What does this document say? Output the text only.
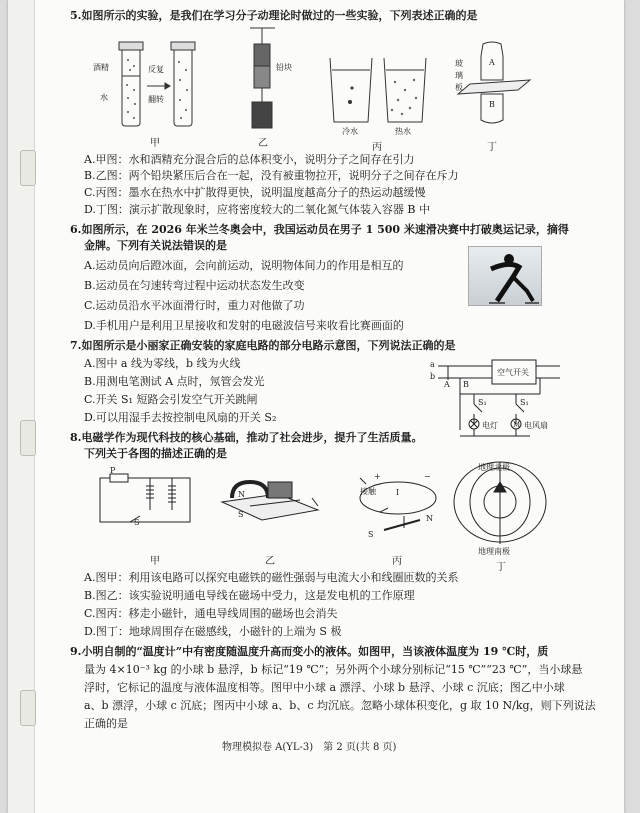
5.如图所示的实验，是我们在学习分子动理论时做过的一些实验，下列表述正确的是
酒精
水
反复
翻转
铅块
冷水	热水
玻
璃
板
A
B
甲	乙	丙	丁
A.甲图：水和酒精充分混合后的总体积变小，说明分子之间存在引力
B.乙图：两个铅块紧压后合在一起，没有被重物拉开，说明分子之间存在斥力
C.丙图：墨水在热水中扩散得更快，说明温度越高分子的热运动越缓慢
D.丁图：演示扩散现象时，应将密度较大的二氧化氮气体装入容器 B 中
6.如图所示，在 2026 年米兰冬奥会中，我国运动员在男子 1 500 米速滑决赛中打破奥运记录，摘得
金牌。下列有关说法错误的是
A.运动员向后蹬冰面，会向前运动，说明物体间力的作用是相互的
B.运动员在匀速转弯过程中运动状态发生改变
C.运动员沿水平冰面滑行时，重力对他做了功
D.手机用户是利用卫星接收和发射的电磁波信号来收看比赛画面的
7.如图所示是小丽家正确安装的家庭电路的部分电路示意图，下列说法正确的是
A.图中 a 线为零线，b 线为火线
B.用测电笔测试 A 点时，氖管会发光
C.开关 S₁ 短路会引发空气开关跳闸
D.可以用湿手去按控制电风扇的开关 S₂
M
a
b
A B
空气开关
S₁	S₁
电灯	电风扇
8.电磁学作为现代科技的核心基础，推动了社会进步，提升了生活质量。
下列关于各图的描述正确的是
P
S
N
S
+	−
接触	I
N
S
地理北极
地理南极
甲	乙	丙
丁
A.图甲：利用该电路可以探究电磁铁的磁性强弱与电流大小和线圈匝数的关系
B.图乙：该实验说明通电导线在磁场中受力，这是发电机的工作原理
C.图丙：移走小磁针，通电导线周围的磁场也会消失
D.图丁：地球周围存在磁感线，小磁针的上端为 S 极
9.小明自制的“温度计”中有密度随温度升高而变小的液体。如图甲，当该液体温度为 19 ℃时，质
量为 4×10⁻³ kg 的小球 b 悬浮，b 标记“19 ℃”；另外两个小球分别标记“15 ℃”“23 ℃”，当小球悬
浮时，它标记的温度与液体温度相等。图甲中小球 a 漂浮、小球 b 悬浮、小球 c 沉底；图乙中小球
a、b 漂浮，小球 c 沉底；图丙中小球 a、b、c 均沉底。忽略小球体积变化，g 取 10 N/kg，则下列说法
正确的是
物理模拟卷 A(YL-3)　第 2 页(共 8 页)
